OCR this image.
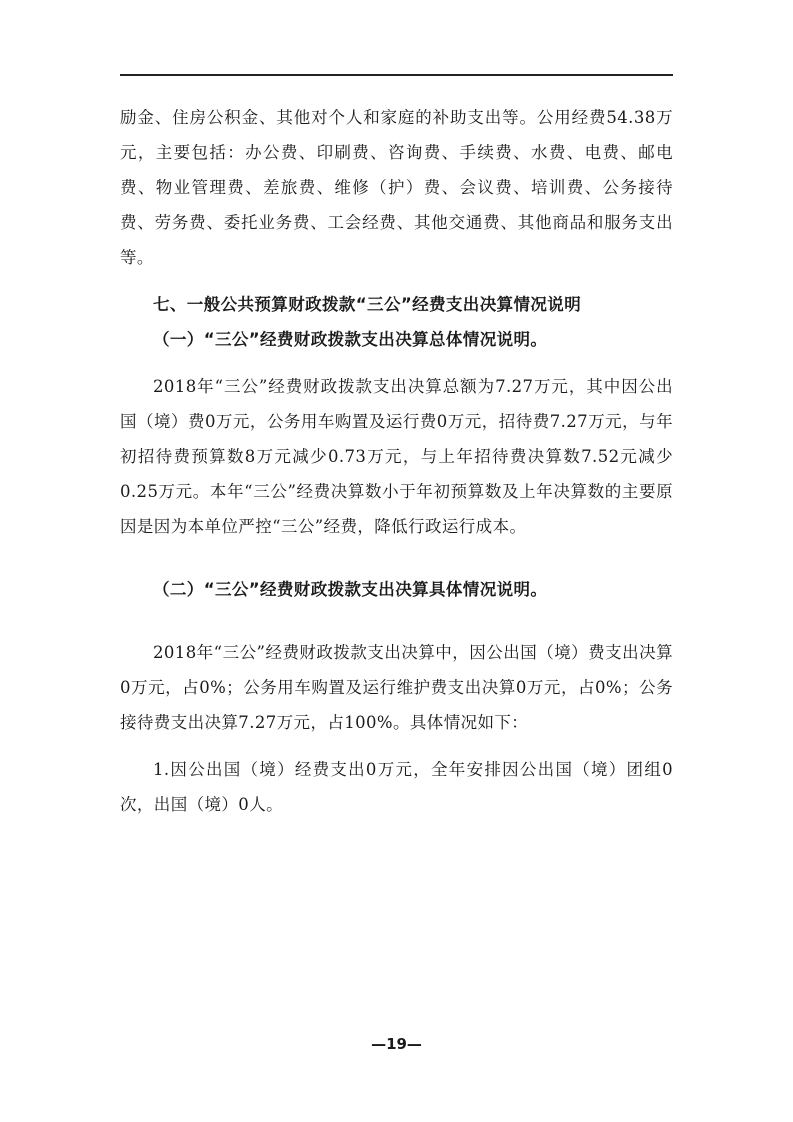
励金、住房公积金、其他对个人和家庭的补助支出等。公用经费54.38万元，主要包括：办公费、印刷费、咨询费、手续费、水费、电费、邮电费、物业管理费、差旅费、维修（护）费、会议费、培训费、公务接待费、劳务费、委托业务费、工会经费、其他交通费、其他商品和服务支出等。

七、一般公共预算财政拨款“三公”经费支出决算情况说明
（一）“三公”经费财政拨款支出决算总体情况说明。

2018年“三公”经费财政拨款支出决算总额为7.27万元，其中因公出国（境）费0万元，公务用车购置及运行费0万元，招待费7.27万元，与年初招待费预算数8万元减少0.73万元，与上年招待费决算数7.52元减少0.25万元。本年“三公”经费决算数小于年初预算数及上年决算数的主要原因是因为本单位严控“三公”经费，降低行政运行成本。

（二）“三公”经费财政拨款支出决算具体情况说明。

2018年“三公”经费财政拨款支出决算中，因公出国（境）费支出决算0万元，占0%；公务用车购置及运行维护费支出决算0万元，占0%；公务接待费支出决算7.27万元，占100%。具体情况如下：

1.因公出国（境）经费支出0万元，全年安排因公出国（境）团组0次，出国（境）0人。

—19—
